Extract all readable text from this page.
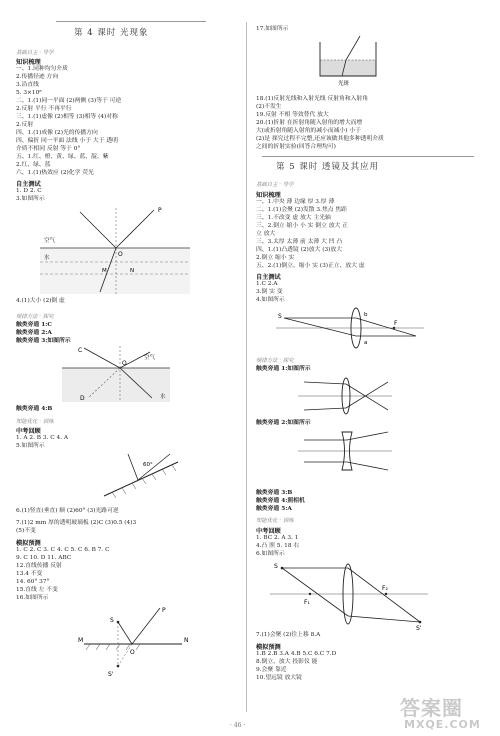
第 4 课时 光现象
基础自主 · 导学
知识梳理
一、1.同种均匀介质
2.传播径迹 方向
3.沿直线
5. 3×10⁸
二、1.(1)同一平面 (2)两侧 (3)等于 可逆
2.反射 平行 不再平行
三、1.(1)虚像 (2)相等 (3)相等 (4)对称
2.反射
四、1.(1)成像 (2)光的传播方向
四、偏折 同一平面 法线 小于 大于 透明
介质不相同 反射 等于 0°
五、1.红、橙、黄、绿、蓝、靛、紫
2.红、绿、蓝
六、1.(1)热效应 (2)化学 荧光
自主测试
1. D 2. C
3.如图所示
P
O
空气
水
M	N
4.(1)大小 (2)倒 虚
规律方法 · 探究
触类旁通 1:C
触类旁通 2:A
触类旁通 3:如图所示
C
O
空气
水
D
触类旁通 4:B
知能优化 · 训练
中考回顾
1. A 2. B 3. C 4. A
5.如图所示
60°
6.(1)竖直(垂直) 顺 (2)60° (3)光路可逆
7.(1)2 mm 厚的透明玻璃板 (2)C (3)0.5 (4)3
(5)不变
模拟预测
1. C 2. C 3. C 4. C 5. C 6. B 7. C
9. C 10. D 11. ABC
12.直线传播 反射
13.4 不变
14. 60° 37°
15.直线 左 不变
16.如图所示
S
P
M
O
N
S'
17.如图所示
光斑
18.(1)反射光线和入射光线 反射角和入射角
(2)不发生
19.反射 不相 等效替代 放大
20.(1)折射 在折射角随入射角的增大而增
大(或折射角随入射角的减小而减小) 小于
(2)是 探究过程不完整,还应该做其他多种透明介质
之间的折射实验(回答合理均可)
第 5 课时 透镜及其应用
基础自主 · 导学
知识梳理
一、1.中央 薄 边缘 厚 3.厚 薄
二、1.(1)会聚 (2)发散 3.焦点 焦距
三、1.不改变 虚 放大 主光轴
三、2.倒立 缩小 小 实 倒立 放大 正
立 放大
三、3.太厚 太薄 前 太薄 大 凹 凸
四、1.(1)凸透镜 (2)放大 (3)放大
2.倒立 缩小 实
五、2.(1)倒立、缩小 实 (3)正立、放大 虚
自主测试
1.C 2.A
3.倒 实 变
4.如图所示
S
F
b
a
规律方法 · 探究
触类旁通 1:如图所示
触类旁通 2:如图所示
触类旁通 3:B
触类旁通 4:照相机
触类旁通 5:A
知能优化 · 训练
中考回顾
1. BC 2. A 3. 1
4.凸 照 5. 18 右
6.如图所示
S
F₁
F₂
S'
7.(1)会聚 (2)往上移 8.A
模拟预测
1.B 2.B 3.A 4.B 5.C 6.C 7.D
8.倒立、放大 投影仪 能
9.会聚 靠近
10.望远镜 放大镜
· 46 ·
答案圈
MXQE.COM
